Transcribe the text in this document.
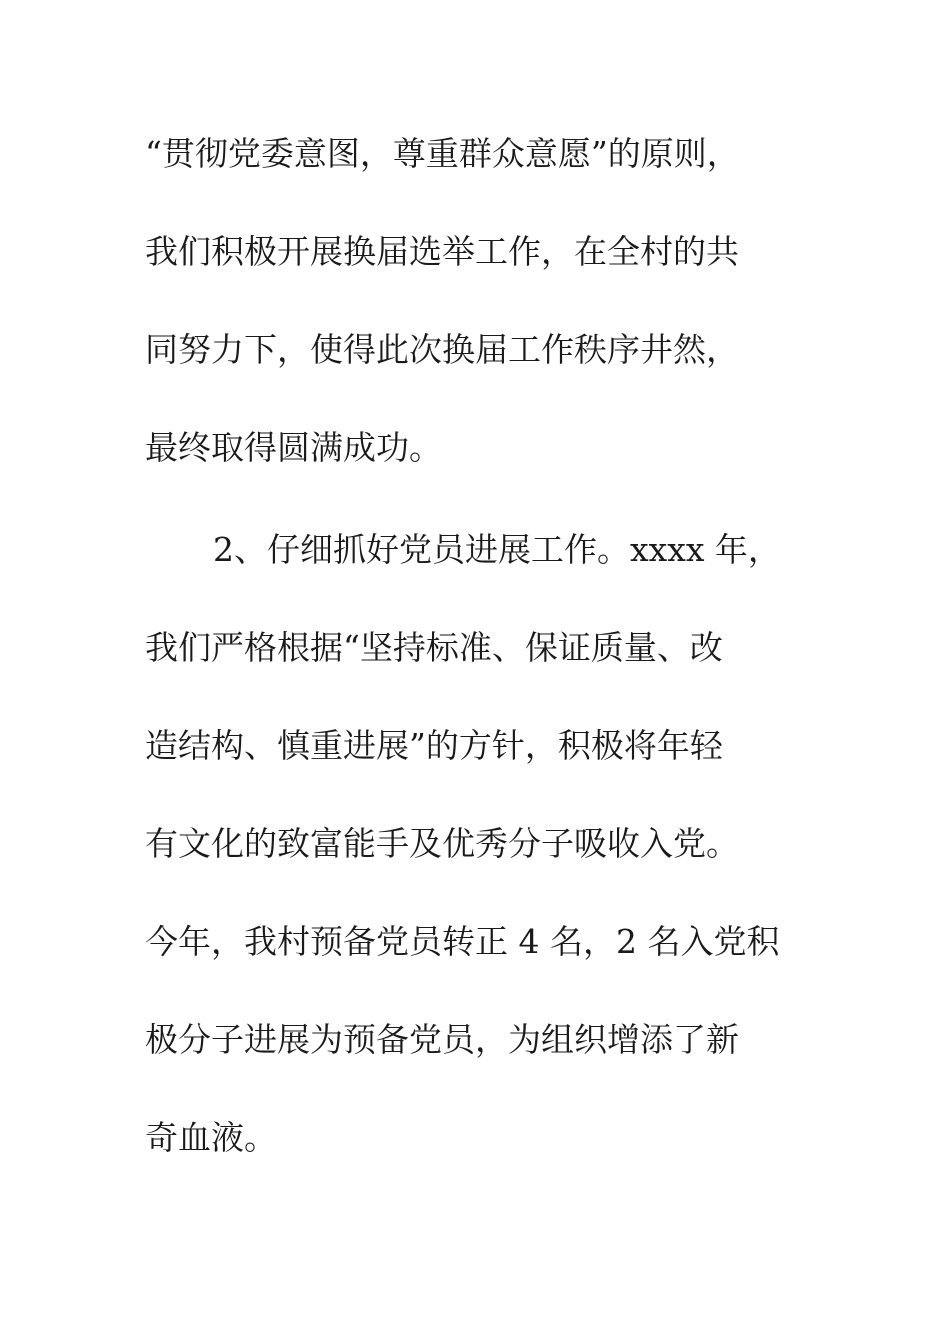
“贯彻党委意图，尊重群众意愿”的原则，
我们积极开展换届选举工作，在全村的共
同努力下，使得此次换届工作秩序井然，
最终取得圆满成功。
2、仔细抓好党员进展工作。xxxx 年，
我们严格根据“坚持标准、保证质量、改
造结构、慎重进展”的方针，积极将年轻
有文化的致富能手及优秀分子吸收入党。
今年，我村预备党员转正 4 名，2 名入党积
极分子进展为预备党员，为组织增添了新
奇血液。
